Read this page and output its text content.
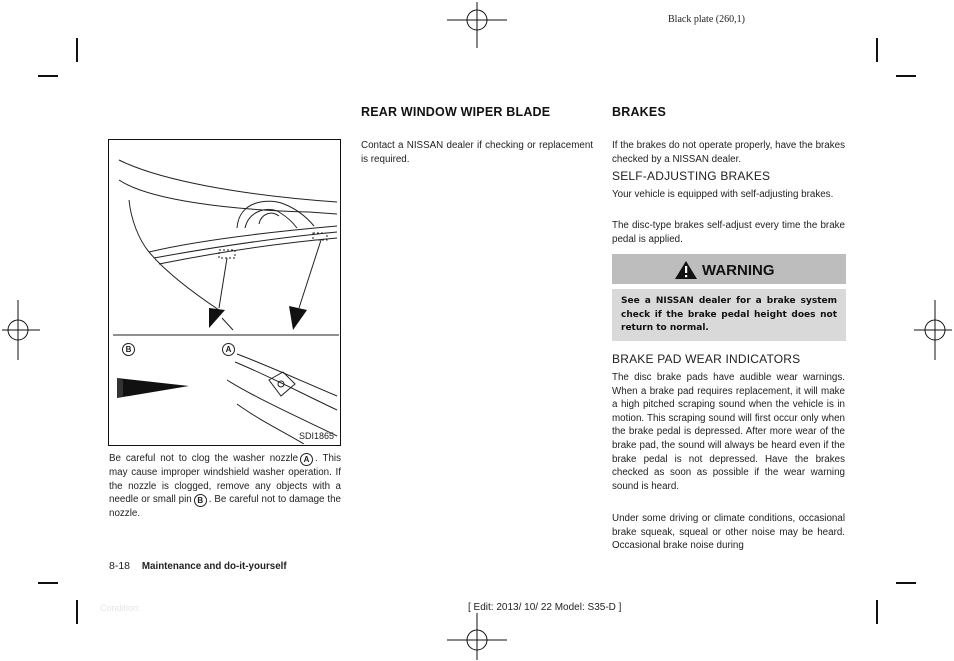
Black plate (260,1)
B	A
SDI1865
Be careful not to clog the washer nozzle A . This may cause improper windshield washer operation. If the nozzle is clogged, remove any objects with a needle or small pin B . Be careful not to damage the nozzle.
REAR WINDOW WIPER BLADE
Contact a NISSAN dealer if checking or replacement is required.
BRAKES
If the brakes do not operate properly, have the brakes checked by a NISSAN dealer.
SELF-ADJUSTING BRAKES
Your vehicle is equipped with self-adjusting brakes.
The disc-type brakes self-adjust every time the brake pedal is applied.
WARNING
See a NISSAN dealer for a brake system check if the brake pedal height does not return to normal.
BRAKE PAD WEAR INDICATORS
The disc brake pads have audible wear warnings. When a brake pad requires replacement, it will make a high pitched scraping sound when the vehicle is in motion. This scraping sound will first occur only when the brake pedal is depressed. After more wear of the brake pad, the sound will always be heard even if the brake pedal is not depressed. Have the brakes checked as soon as possible if the wear warning sound is heard.
Under some driving or climate conditions, occasional brake squeak, squeal or other noise may be heard. Occasional brake noise during
8-18 Maintenance and do-it-yourself
Condition:	[ Edit: 2013/ 10/ 22 Model: S35-D ]
